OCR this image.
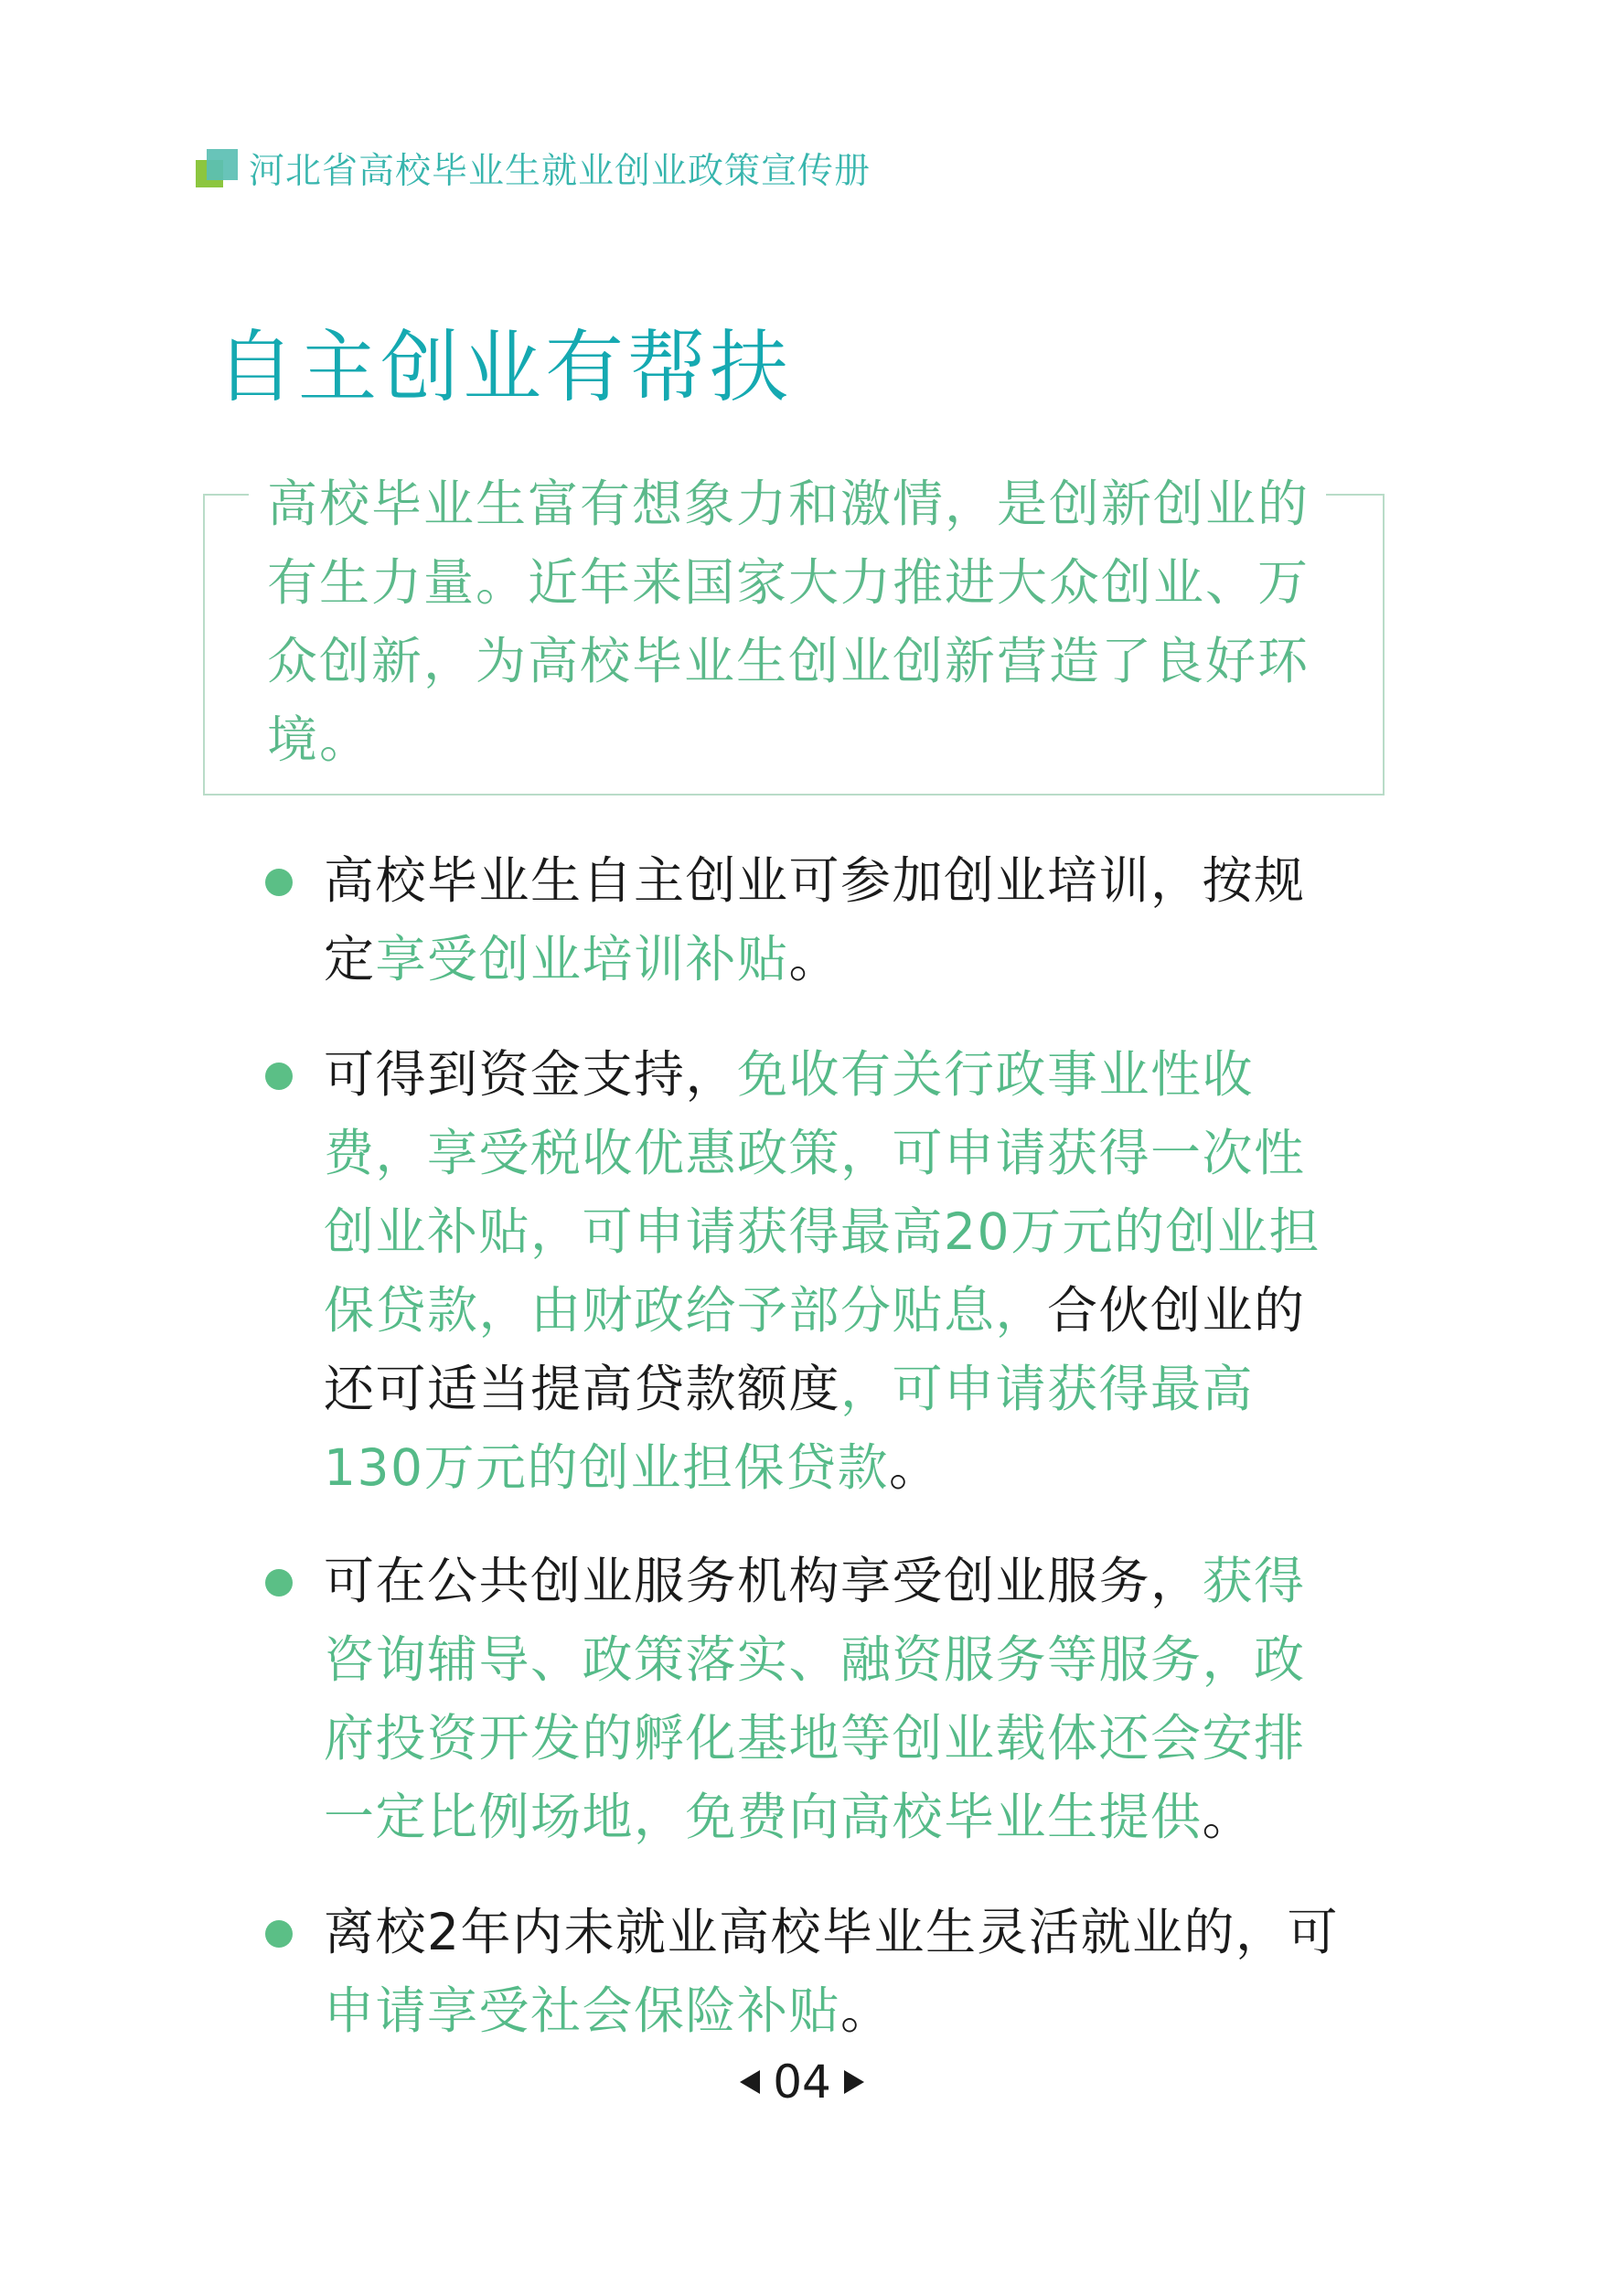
河北省高校毕业生就业创业政策宣传册
自主创业有帮扶

高校毕业生富有想象力和激情，是创新创业的有生力量。近年来国家大力推进大众创业、万众创新，为高校毕业生创业创新营造了良好环境。

高校毕业生自主创业可参加创业培训，按规定享受创业培训补贴。
可得到资金支持，免收有关行政事业性收费，享受税收优惠政策，可申请获得一次性创业补贴，可申请获得最高20万元的创业担保贷款，由财政给予部分贴息，合伙创业的还可适当提高贷款额度，可申请获得最高130万元的创业担保贷款。
可在公共创业服务机构享受创业服务，获得咨询辅导、政策落实、融资服务等服务，政府投资开发的孵化基地等创业载体还会安排一定比例场地，免费向高校毕业生提供。
离校2年内未就业高校毕业生灵活就业的，可申请享受社会保险补贴。
04
